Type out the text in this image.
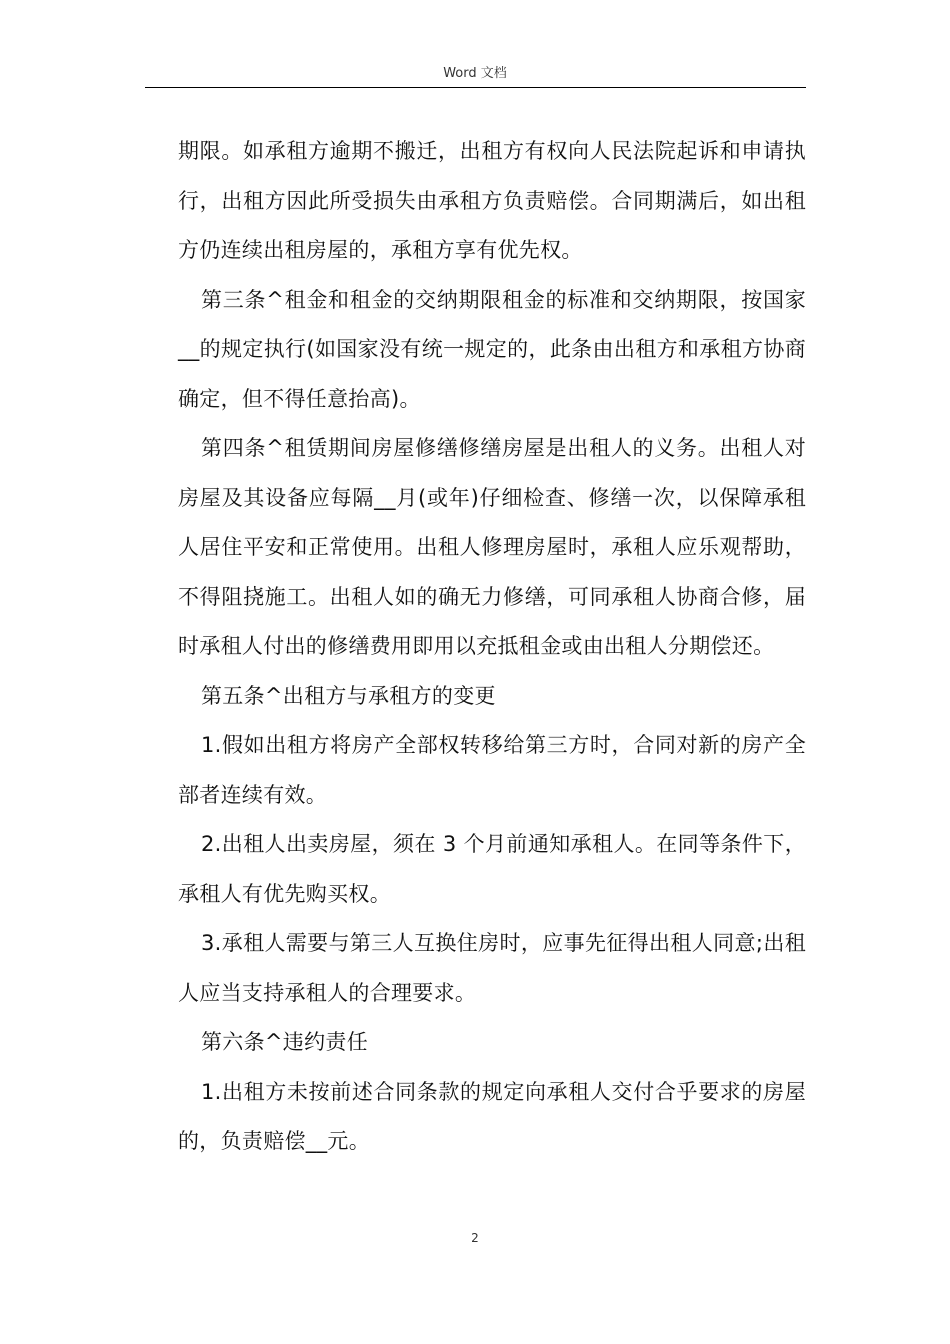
Word 文档

期限。如承租方逾期不搬迁，出租方有权向人民法院起诉和申请执行，出租方因此所受损失由承租方负责赔偿。合同期满后，如出租方仍连续出租房屋的，承租方享有优先权。

第三条^租金和租金的交纳期限租金的标准和交纳期限，按国家__的规定执行(如国家没有统一规定的，此条由出租方和承租方协商确定，但不得任意抬高)。

第四条^租赁期间房屋修缮修缮房屋是出租人的义务。出租人对房屋及其设备应每隔__月(或年)仔细检查、修缮一次，以保障承租人居住平安和正常使用。出租人修理房屋时，承租人应乐观帮助，不得阻挠施工。出租人如的确无力修缮，可同承租人协商合修，届时承租人付出的修缮费用即用以充抵租金或由出租人分期偿还。

第五条^出租方与承租方的变更

1.假如出租方将房产全部权转移给第三方时，合同对新的房产全部者连续有效。

2.出租人出卖房屋，须在 3 个月前通知承租人。在同等条件下，承租人有优先购买权。

3.承租人需要与第三人互换住房时，应事先征得出租人同意;出租人应当支持承租人的合理要求。

第六条^违约责任

1.出租方未按前述合同条款的规定向承租人交付合乎要求的房屋的，负责赔偿__元。

2
